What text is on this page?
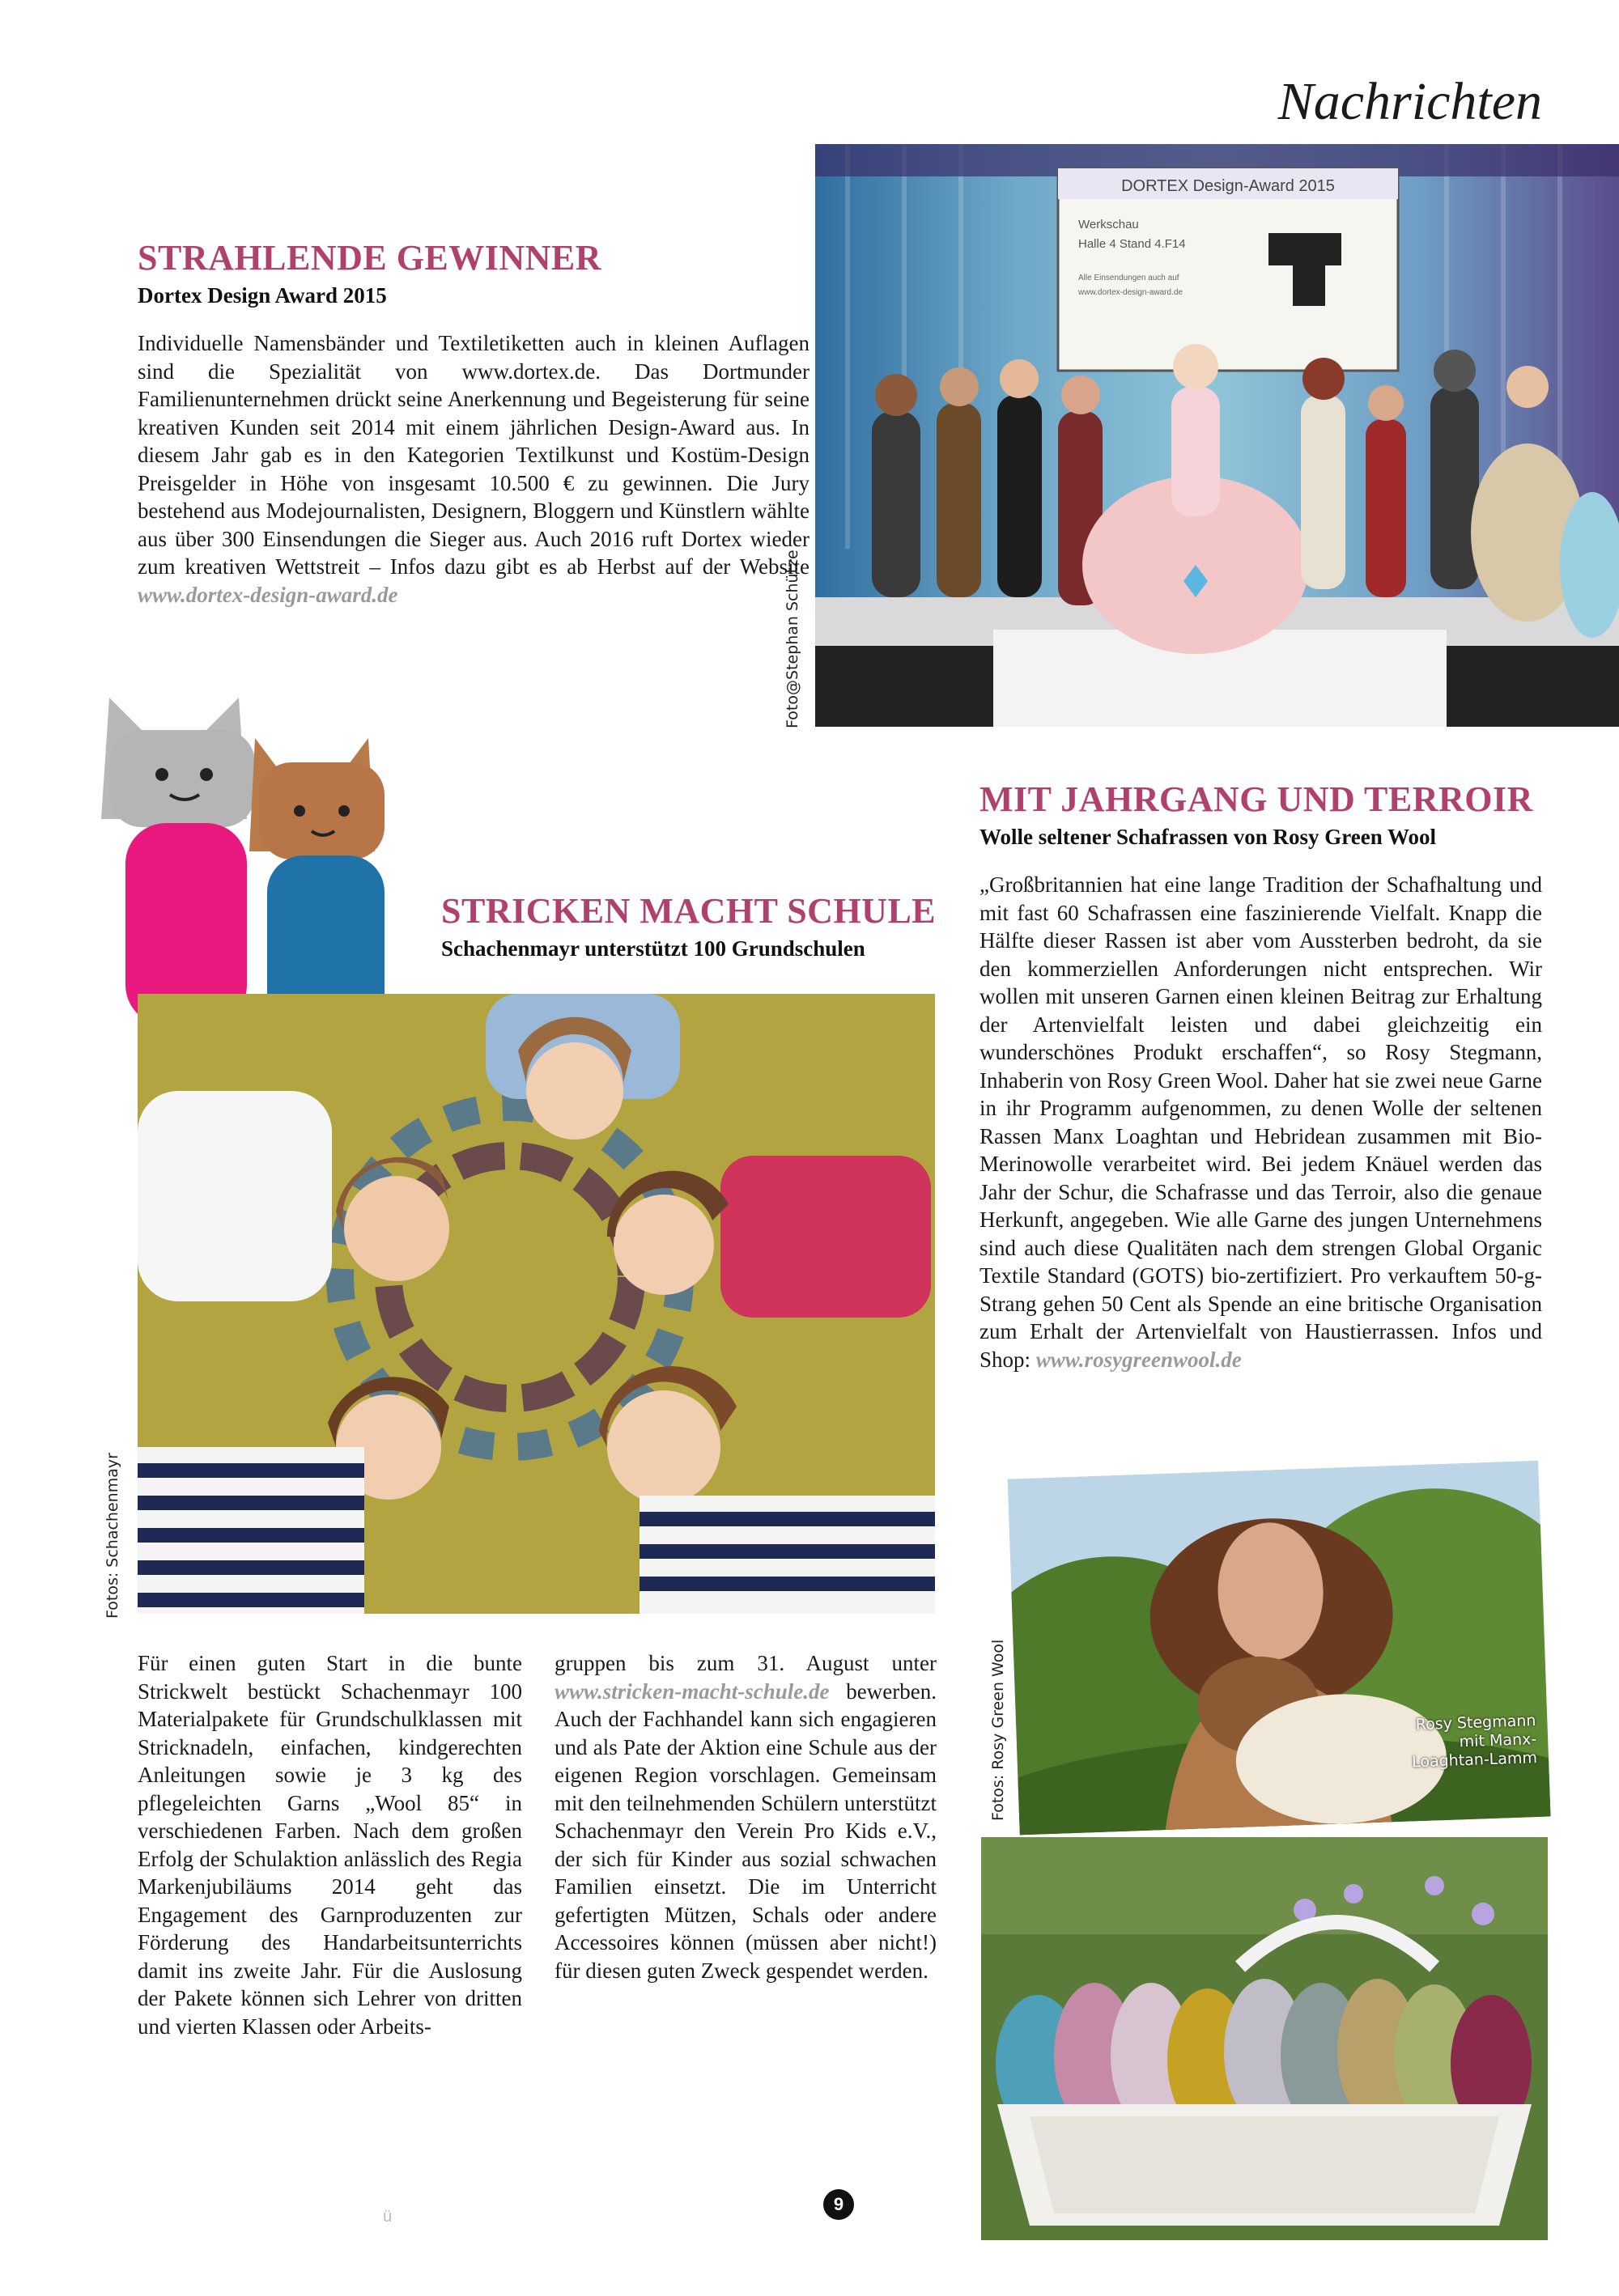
Nachrichten
STRAHLENDE GEWINNER
Dortex Design Award 2015
Individuelle Namensbänder und Textiletiketten auch in kleinen Auflagen sind die Spezialität von www.dortex.de. Das Dortmunder Familienunternehmen drückt seine Anerkennung und Begeisterung für seine kreativen Kunden seit 2014 mit einem jährlichen Design-Award aus. In diesem Jahr gab es in den Kategorien Textilkunst und Kostüm-Design Preisgelder in Höhe von insgesamt 10.500 € zu gewinnen. Die Jury bestehend aus Modejournalisten, Designern, Bloggern und Künstlern wählte aus über 300 Einsendungen die Sieger aus. Auch 2016 ruft Dortex wieder zum kreativen Wettstreit – Infos dazu gibt es ab Herbst auf der Website www.dortex-design-award.de	Foto@Stephan Schütze
DORTEX Design-Award 2015
Werkschau
Halle 4 Stand 4.F14
Alle Einsendungen auch auf
www.dortex-design-award.de
STRICKEN MACHT SCHULE
Schachenmayr unterstützt 100 Grundschulen
Fotos: Schachenmayr
Für einen guten Start in die bunte Strickwelt bestückt Schachenmayr 100 Materialpakete für Grundschulklassen mit Stricknadeln, einfachen, kindgerechten Anleitungen sowie je 3 kg des pflegeleichten Garns „Wool 85“ in verschiedenen Farben. Nach dem großen Erfolg der Schulaktion anlässlich des Regia Markenjubiläums 2014 geht das Engagement des Garnproduzenten zur Förderung des Handarbeitsunterrichts damit ins zweite Jahr. Für die Auslosung der Pakete können sich Lehrer von dritten und vierten Klassen oder Arbeits-
gruppen bis zum 31. August unter www.stricken-macht-schule.de bewerben. Auch der Fachhandel kann sich engagieren und als Pate der Aktion eine Schule aus der eigenen Region vorschlagen. Gemeinsam mit den teilnehmenden Schülern unterstützt Schachenmayr den Verein Pro Kids e.V., der sich für Kinder aus sozial schwachen Familien einsetzt. Die im Unterricht gefertigten Mützen, Schals oder andere Accessoires können (müssen aber nicht!) für diesen guten Zweck gespendet werden.
MIT JAHRGANG UND TERROIR
Wolle seltener Schafrassen von Rosy Green Wool
„Großbritannien hat eine lange Tradition der Schafhaltung und mit fast 60 Schafrassen eine faszinierende Vielfalt. Knapp die Hälfte dieser Rassen ist aber vom Aussterben bedroht, da sie den kommerziellen Anforderungen nicht entsprechen. Wir wollen mit unseren Garnen einen kleinen Beitrag zur Erhaltung der Artenvielfalt leisten und dabei gleichzeitig ein wunderschönes Produkt erschaffen“, so Rosy Stegmann, Inhaberin von Rosy Green Wool. Daher hat sie zwei neue Garne in ihr Programm aufgenommen, zu denen Wolle der seltenen Rassen Manx Loaghtan und Hebridean zusammen mit Bio-Merinowolle verarbeitet wird. Bei jedem Knäuel werden das Jahr der Schur, die Schafrasse und das Terroir, also die genaue Herkunft, angegeben. Wie alle Garne des jungen Unternehmens sind auch diese Qualitäten nach dem strengen Global Organic Textile Standard (GOTS) bio-zertifiziert. Pro verkauftem 50-g-Strang gehen 50 Cent als Spende an eine britische Organisation zum Erhalt der Artenvielfalt von Haustierrassen. Infos und Shop: www.rosygreenwool.de
Rosy Stegmann
mit Manx-
Loaghtan-Lamm
Fotos: Rosy Green Wool
9
ü
